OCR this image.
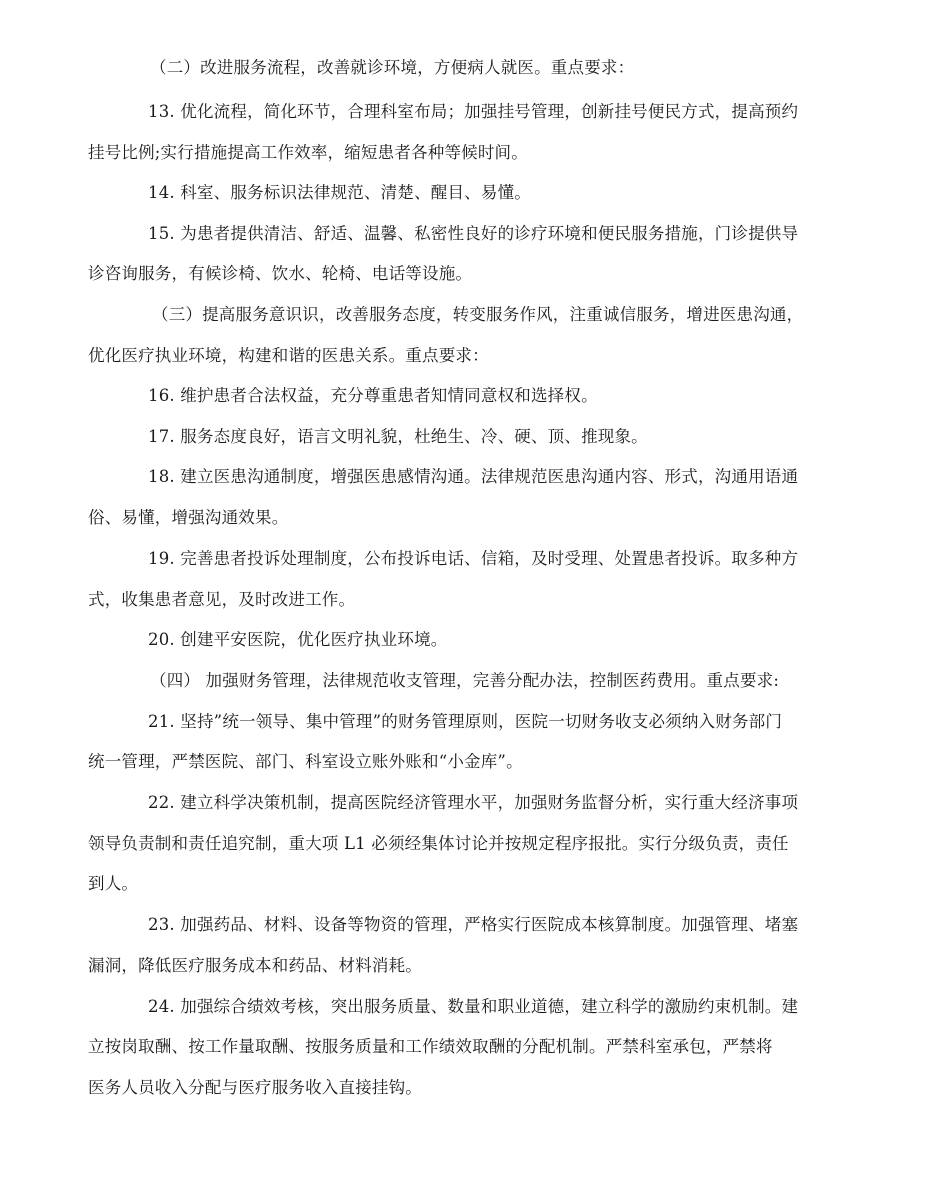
（二）改进服务流程，改善就诊环境，方便病人就医。重点要求：
13. 优化流程，简化环节，合理科室布局；加强挂号管理，创新挂号便民方式，提高预约
挂号比例;实行措施提高工作效率，缩短患者各种等候时间。
14. 科室、服务标识法律规范、清楚、醒目、易懂。
15. 为患者提供清洁、舒适、温馨、私密性良好的诊疗环境和便民服务措施，门诊提供导
诊咨询服务，有候诊椅、饮水、轮椅、电话等设施。
（三）提高服务意识识，改善服务态度，转变服务作风，注重诚信服务，增进医患沟通，
优化医疗执业环境，构建和谐的医患关系。重点要求：
16. 维护患者合法权益，充分尊重患者知情同意权和选择权。
17. 服务态度良好，语言文明礼貌，杜绝生、冷、硬、顶、推现象。
18. 建立医患沟通制度，增强医患感情沟通。法律规范医患沟通内容、形式，沟通用语通
俗、易懂，增强沟通效果。
19. 完善患者投诉处理制度，公布投诉电话、信箱，及时受理、处置患者投诉。取多种方
式，收集患者意见，及时改进工作。
20. 创建平安医院，优化医疗执业环境。
（四） 加强财务管理，法律规范收支管理，完善分配办法，控制医药费用。重点要求:
21. 坚持”统一领导、集中管理”的财务管理原则，医院一切财务收支必须纳入财务部门
统一管理，严禁医院、部门、科室设立账外账和“小金库”。
22. 建立科学决策机制，提高医院经济管理水平，加强财务监督分析，实行重大经济事项
领导负责制和责任追究制，重大项 L1 必须经集体讨论并按规定程序报批。实行分级负责，责任
到人。
23. 加强药品、材料、设备等物资的管理，严格实行医院成本核算制度。加强管理、堵塞
漏洞，降低医疗服务成本和药品、材料消耗。
24. 加强综合绩效考核，突出服务质量、数量和职业道德，建立科学的激励约束机制。建
立按岗取酬、按工作量取酬、按服务质量和工作绩效取酬的分配机制。严禁科室承包，严禁将
医务人员收入分配与医疗服务收入直接挂钩。
